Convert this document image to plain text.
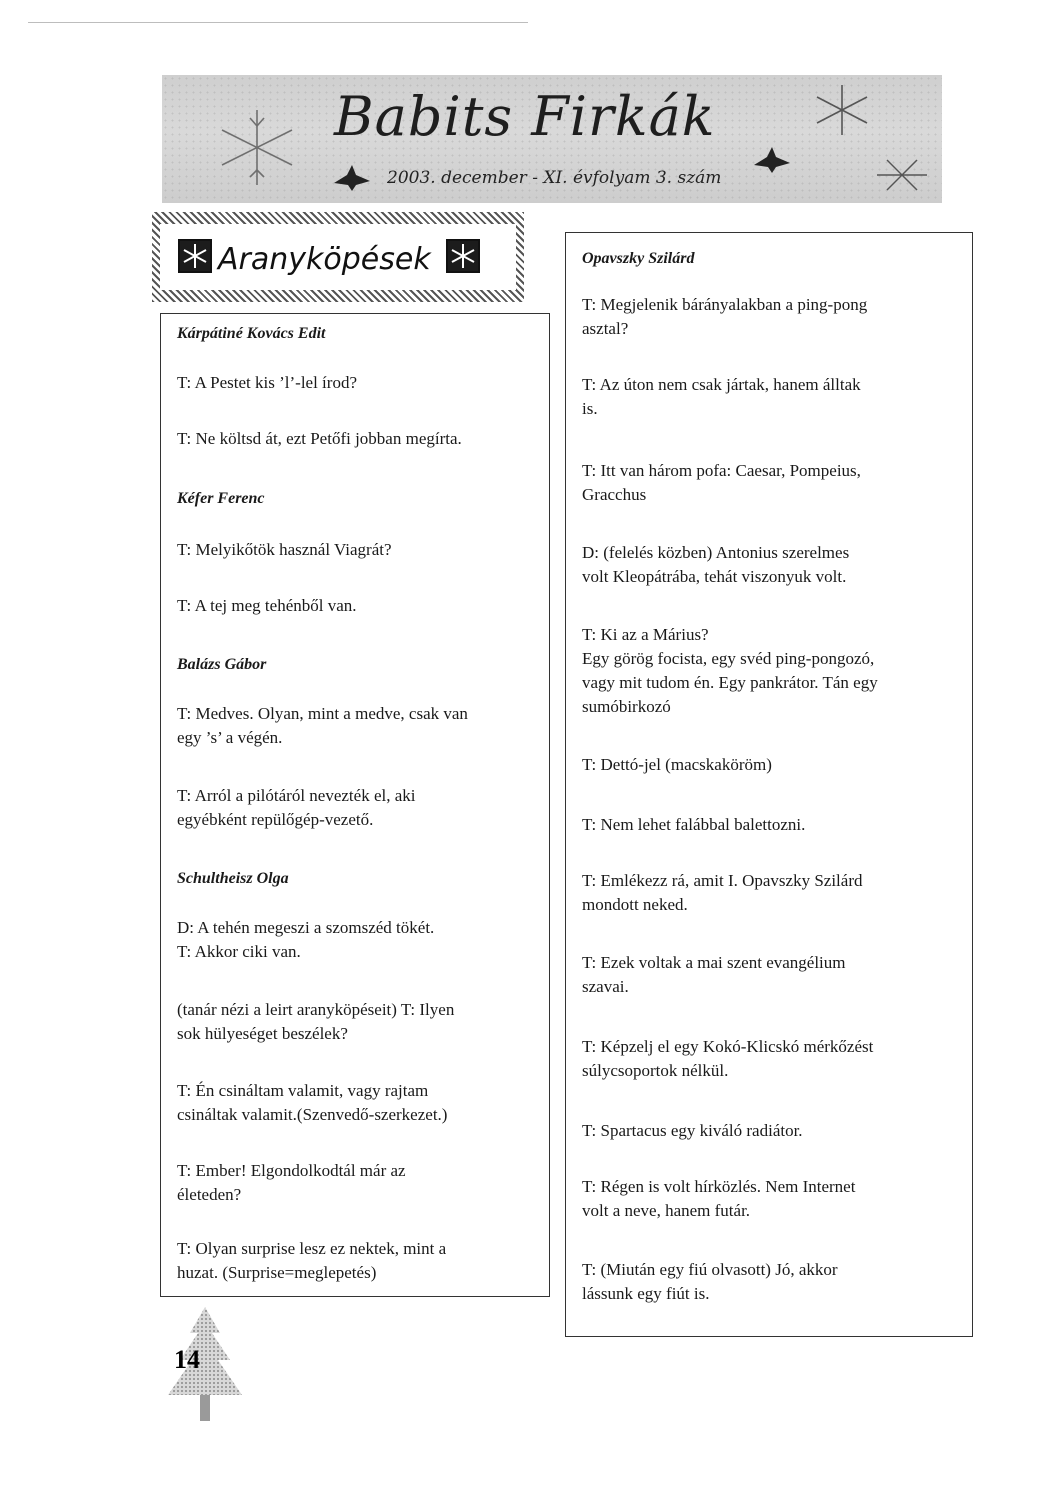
Babits Firkák
2003. december - XI. évfolyam 3. szám
Aranyköpések
Kárpátiné Kovács Edit
T: A Pestet kis ’l’-lel írod?
T: Ne költsd át, ezt Petőfi jobban megírta.
Kéfer Ferenc
T: Melyikőtök használ Viagrát?
T: A tej meg tehénből van.
Balázs Gábor
T: Medves. Olyan, mint a medve, csak van
egy ’s’ a végén.
T: Arról a pilótáról nevezték el, aki
egyébként repülőgép-vezető.
Schultheisz Olga
D: A tehén megeszi a szomszéd tökét.
T: Akkor ciki van.
(tanár nézi a leirt aranyköpéseit) T: Ilyen
sok hülyeséget beszélek?
T: Én csináltam valamit, vagy rajtam
csináltak valamit.(Szenvedő-szerkezet.)
T: Ember! Elgondolkodtál már az
életeden?
T: Olyan surprise lesz ez nektek, mint a
huzat. (Surprise=meglepetés)
Opavszky Szilárd
T: Megjelenik bárányalakban a ping-pong
asztal?
T: Az úton nem csak jártak, hanem álltak
is.
T: Itt van három pofa: Caesar, Pompeius,
Gracchus
D: (felelés közben) Antonius szerelmes
volt Kleopátrába, tehát viszonyuk volt.
T: Ki az a Márius?
Egy görög focista, egy svéd ping-pongozó,
vagy mit tudom én. Egy pankrátor. Tán egy
sumóbirkozó
T: Dettó-jel (macskaköröm)
T: Nem lehet falábbal balettozni.
T: Emlékezz rá, amit I. Opavszky Szilárd
mondott neked.
T: Ezek voltak a mai szent evangélium
szavai.
T: Képzelj el egy Kokó-Klicskó mérkőzést
súlycsoportok nélkül.
T: Spartacus egy kiváló radiátor.
T: Régen is volt hírközlés. Nem Internet
volt a neve, hanem futár.
T: (Miután egy fiú olvasott) Jó, akkor
lássunk egy fiút is.
14
